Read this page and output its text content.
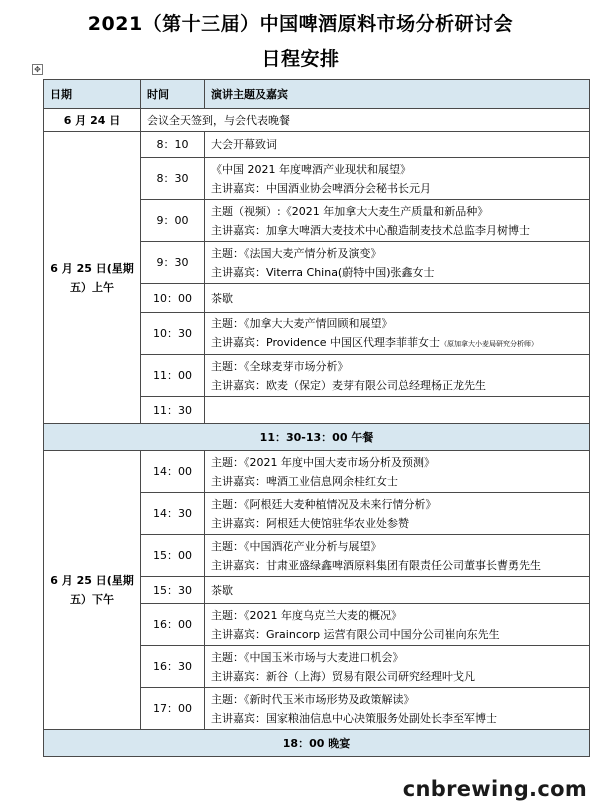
2021（第十三届）中国啤酒原料市场分析研讨会
日程安排
✥
日期	时间	演讲主题及嘉宾
6 月 24 日	会议全天签到，与会代表晚餐	
6 月 25 日(星期五）上午	8：10	大会开幕致词

	8：30	《中国 2021 年度啤酒产业现状和展望》
主讲嘉宾：中国酒业协会啤酒分会秘书长元月

	9：00	主题（视频）:《2021 年加拿大大麦生产质量和新品种》
主讲嘉宾：加拿大啤酒大麦技术中心酿造制麦技术总监李月树博士

	9：30	主题：《法国大麦产情分析及演变》
主讲嘉宾：Viterra China(蔚特中国)张鑫女士

	10：00	茶歇

	10：30	主题：《加拿大大麦产情回顾和展望》
主讲嘉宾：Providence 中国区代理李菲菲女士（原加拿大小麦局研究分析师）

	11：00	主题：《全球麦芽市场分析》
主讲嘉宾：欧麦（保定）麦芽有限公司总经理杨正龙先生

	11：30	

11：30-13：00 午餐		
6 月 25 日(星期五）下午	14：00	主题：《2021 年度中国大麦市场分析及预测》
主讲嘉宾：啤酒工业信息网余桂红女士

	14：30	主题：《阿根廷大麦种植情况及未来行情分析》
主讲嘉宾：阿根廷大使馆驻华农业处参赞

	15：00	主题：《中国酒花产业分析与展望》
主讲嘉宾：甘肃亚盛绿鑫啤酒原料集团有限责任公司董事长曹勇先生

	15：30	茶歇

	16：00	主题：《2021 年度乌克兰大麦的概况》
主讲嘉宾：Graincorp 运营有限公司中国分公司崔向东先生

	16：30	主题：《中国玉米市场与大麦进口机会》
主讲嘉宾：新谷（上海）贸易有限公司研究经理叶戈凡

	17：00	主题：《新时代玉米市场形势及政策解读》
主讲嘉宾：国家粮油信息中心决策服务处副处长李至军博士

18：00 晚宴		
cnbrewing.com
